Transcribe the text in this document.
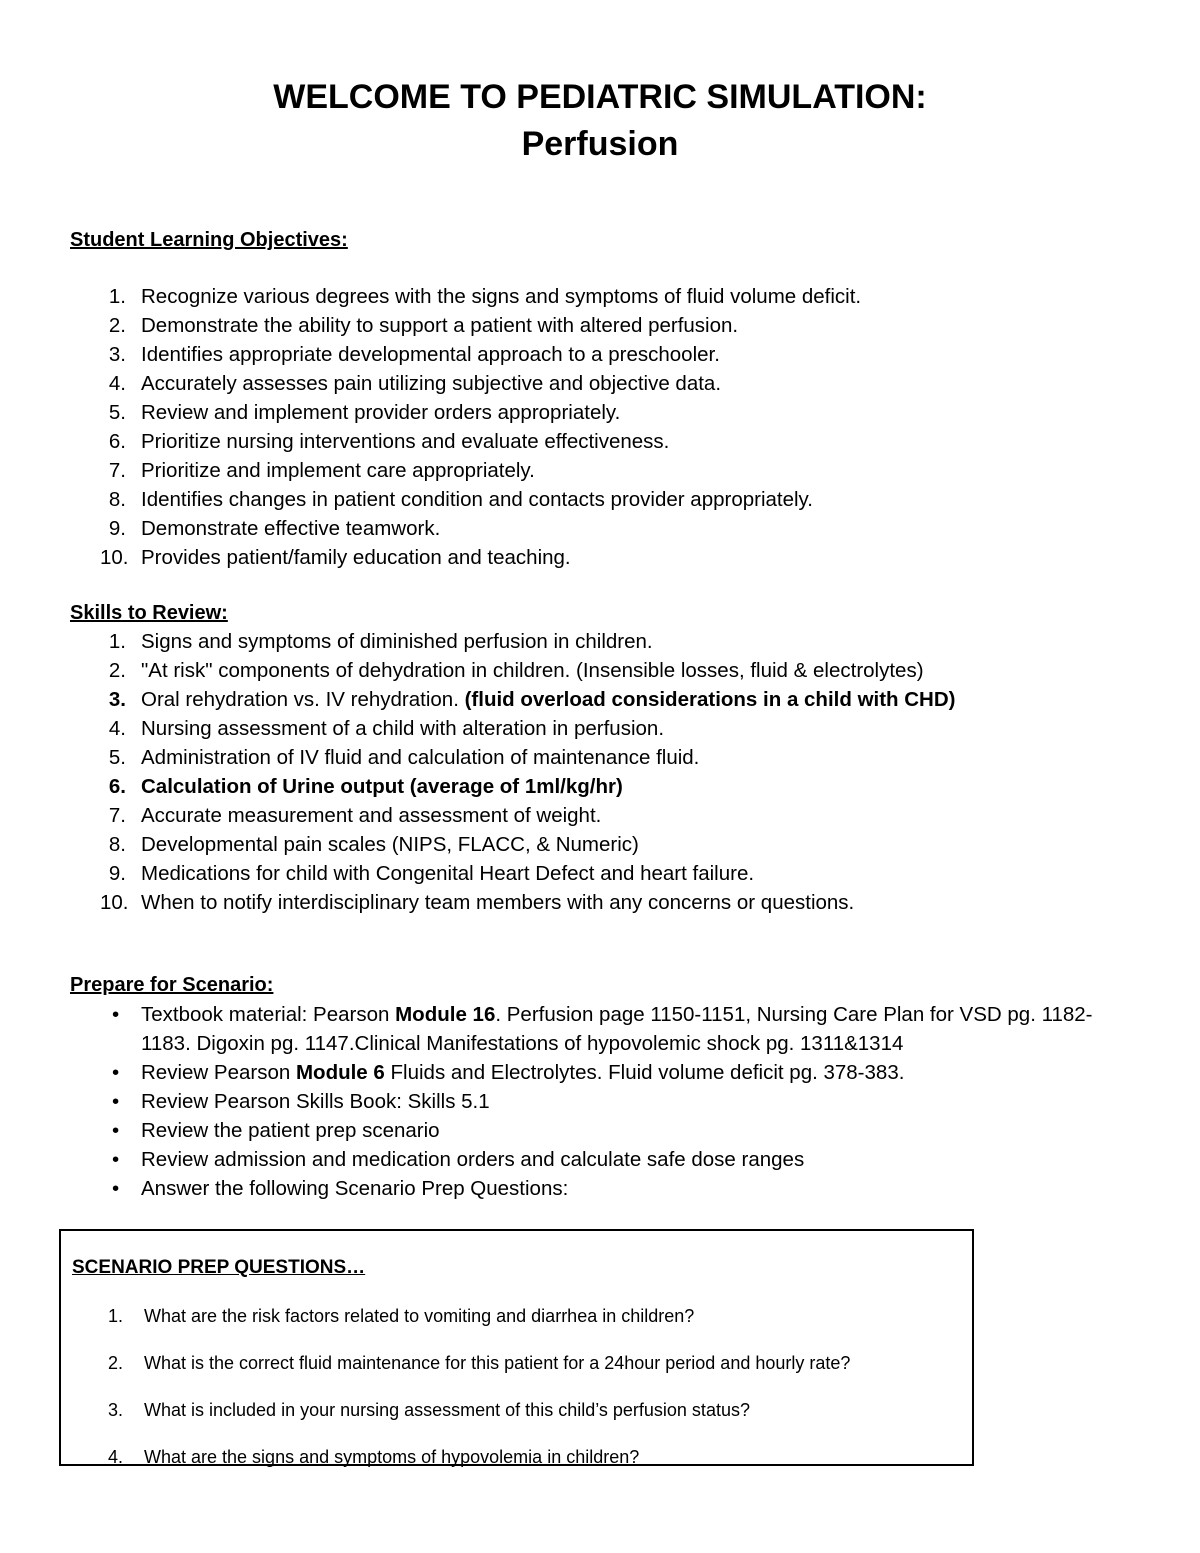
WELCOME TO PEDIATRIC SIMULATION:
Perfusion
Student Learning Objectives:
1. Recognize various degrees with the signs and symptoms of fluid volume deficit.
2. Demonstrate the ability to support a patient with altered perfusion.
3. Identifies appropriate developmental approach to a preschooler.
4. Accurately assesses pain utilizing subjective and objective data.
5. Review and implement provider orders appropriately.
6. Prioritize nursing interventions and evaluate effectiveness.
7. Prioritize and implement care appropriately.
8. Identifies changes in patient condition and contacts provider appropriately.
9. Demonstrate effective teamwork.
10. Provides patient/family education and teaching.
Skills to Review:
1. Signs and symptoms of diminished perfusion in children.
2. "At risk" components of dehydration in children. (Insensible losses, fluid & electrolytes)
3. Oral rehydration vs. IV rehydration. (fluid overload considerations in a child with CHD)
4. Nursing assessment of a child with alteration in perfusion.
5. Administration of IV fluid and calculation of maintenance fluid.
6. Calculation of Urine output (average of 1ml/kg/hr)
7. Accurate measurement and assessment of weight.
8. Developmental pain scales (NIPS, FLACC, & Numeric)
9. Medications for child with Congenital Heart Defect and heart failure.
10. When to notify interdisciplinary team members with any concerns or questions.
Prepare for Scenario:
• Textbook material: Pearson Module 16. Perfusion page 1150-1151, Nursing Care Plan for VSD pg. 1182-
1183. Digoxin pg. 1147.Clinical Manifestations of hypovolemic shock pg. 1311&1314
• Review Pearson Module 6 Fluids and Electrolytes. Fluid volume deficit pg. 378-383.
• Review Pearson Skills Book: Skills 5.1
• Review the patient prep scenario
• Review admission and medication orders and calculate safe dose ranges
• Answer the following Scenario Prep Questions:
SCENARIO PREP QUESTIONS…
1. What are the risk factors related to vomiting and diarrhea in children?
2. What is the correct fluid maintenance for this patient for a 24hour period and hourly rate?
3. What is included in your nursing assessment of this child’s perfusion status?
4. What are the signs and symptoms of hypovolemia in children?
